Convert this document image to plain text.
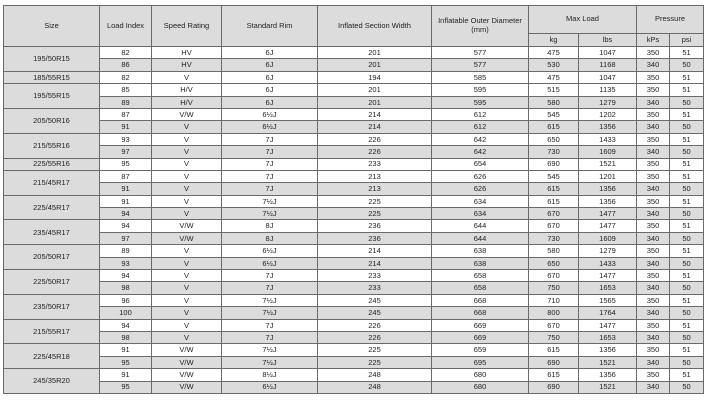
Size	Load Index	Speed Rating	Standard Rim	Inflated Section Width	Inflatable Outer Diameter (mm)	Max Load		Pressure	
						kg	lbs	kPs	psi
195/50R15	82	HV	6J	201	577	475	1047	350	51
	86	HV	6J	201	577	530	1168	340	50
185/55R15	82	V	6J	194	585	475	1047	350	51
195/55R15	85	H/V	6J	201	595	515	1135	350	51
	89	H/V	6J	201	595	580	1279	340	50
205/50R16	87	V/W	6½J	214	612	545	1202	350	51
	91	V	6½J	214	612	615	1356	340	50
215/55R16	93	V	7J	226	642	650	1433	350	51
	97	V	7J	226	642	730	1609	340	50
225/55R16	95	V	7J	233	654	690	1521	350	51
215/45R17	87	V	7J	213	626	545	1201	350	51
	91	V	7J	213	626	615	1356	340	50
225/45R17	91	V	7½J	225	634	615	1356	350	51
	94	V	7½J	225	634	670	1477	340	50
235/45R17	94	V/W	8J	236	644	670	1477	350	51
	97	V/W	8J	236	644	730	1609	340	50
205/50R17	89	V	6½J	214	638	580	1279	350	51
	93	V	6½J	214	638	650	1433	340	50
225/50R17	94	V	7J	233	658	670	1477	350	51
	98	V	7J	233	658	750	1653	340	50
235/50R17	96	V	7½J	245	668	710	1565	350	51
	100	V	7½J	245	668	800	1764	340	50
215/55R17	94	V	7J	226	669	670	1477	350	51
	98	V	7J	226	669	750	1653	340	50
225/45R18	91	V/W	7½J	225	659	615	1356	350	51
	95	V/W	7½J	225	695	690	1521	340	50
245/35R20	91	V/W	8½J	248	680	615	1356	350	51
	95	V/W	6½J	248	680	690	1521	340	50
